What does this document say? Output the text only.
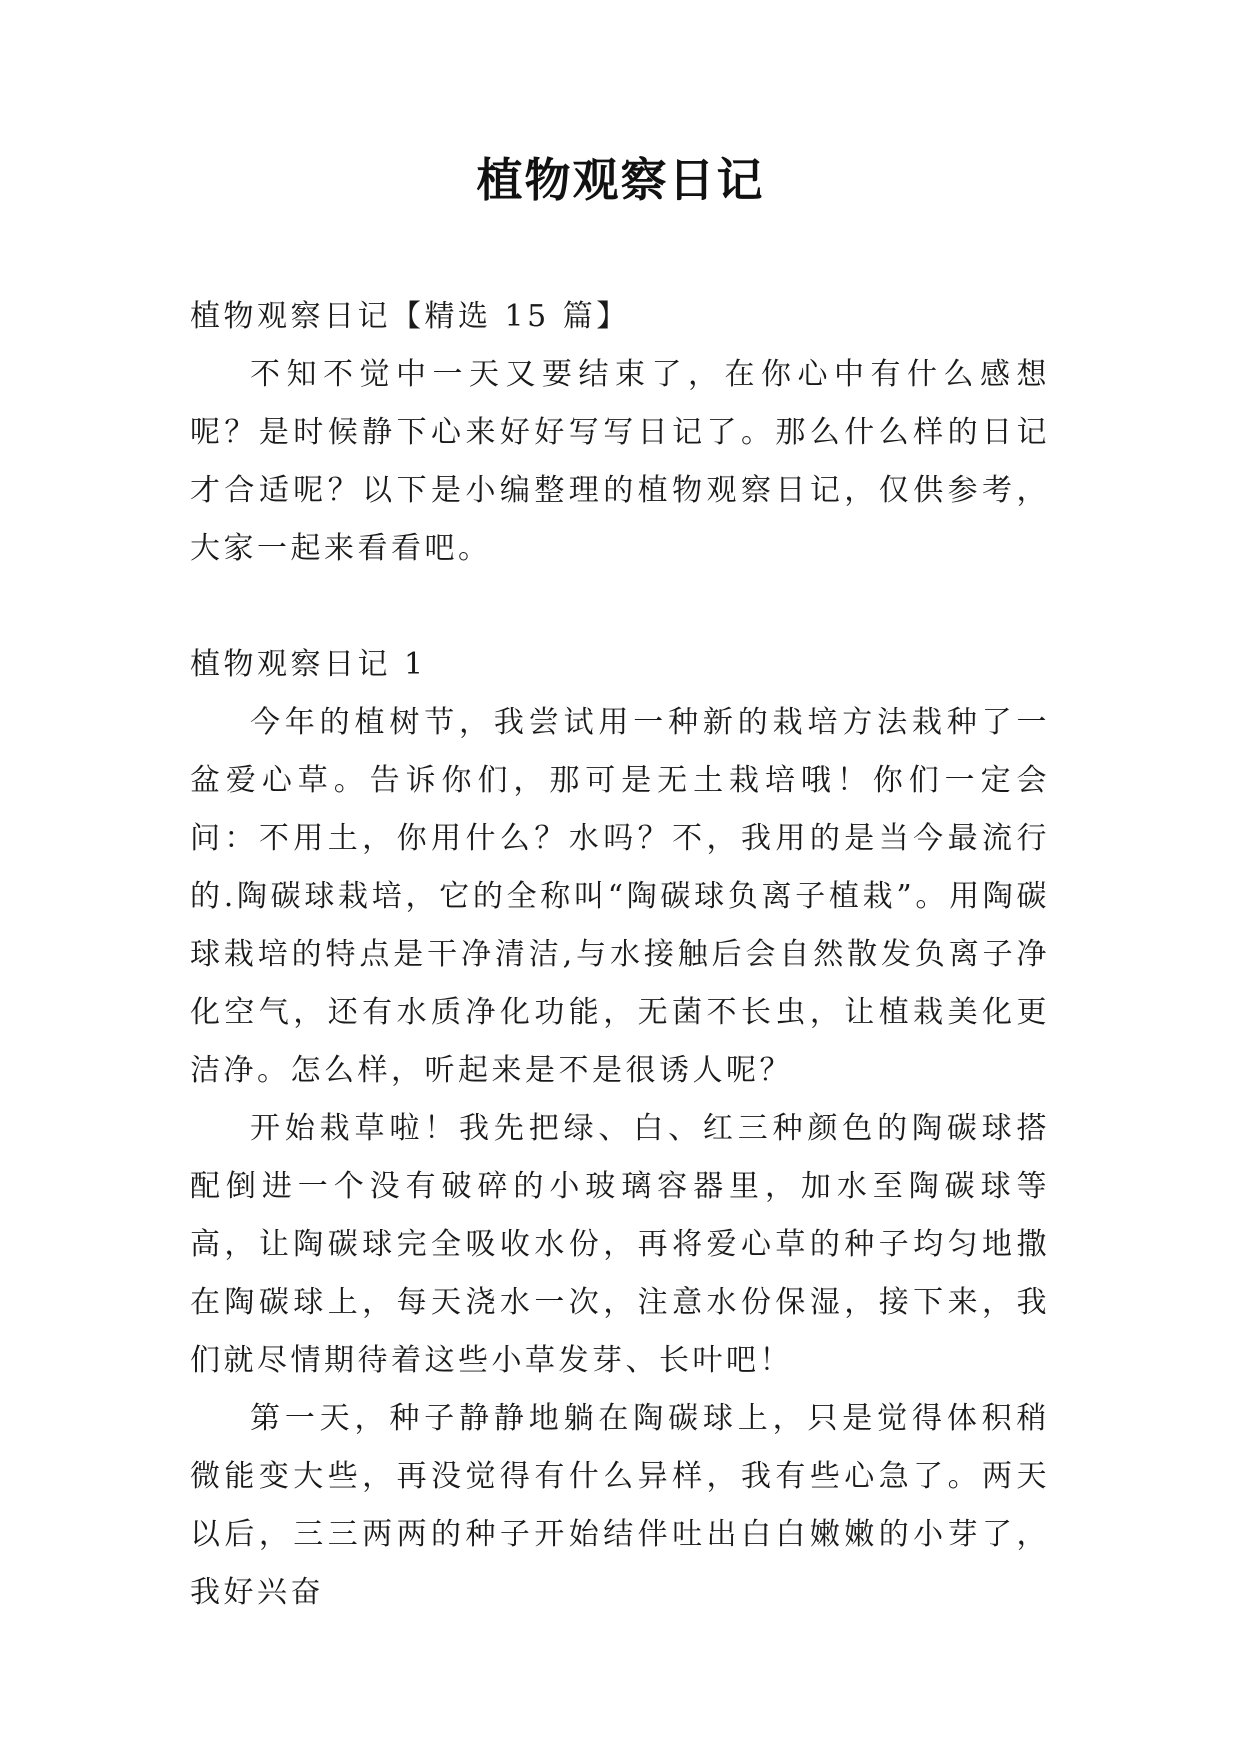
植物观察日记

植物观察日记【精选 15 篇】

不知不觉中一天又要结束了，在你心中有什么感想呢？是时候静下心来好好写写日记了。那么什么样的日记才合适呢？以下是小编整理的植物观察日记，仅供参考，大家一起来看看吧。

植物观察日记 1

今年的植树节，我尝试用一种新的栽培方法栽种了一盆爱心草。告诉你们，那可是无土栽培哦！你们一定会问：不用土，你用什么？水吗？不，我用的是当今最流行的.陶碳球栽培，它的全称叫“陶碳球负离子植栽”。用陶碳球栽培的特点是干净清洁,与水接触后会自然散发负离子净化空气，还有水质净化功能，无菌不长虫，让植栽美化更洁净。怎么样，听起来是不是很诱人呢？

开始栽草啦！我先把绿、白、红三种颜色的陶碳球搭配倒进一个没有破碎的小玻璃容器里，加水至陶碳球等高，让陶碳球完全吸收水份，再将爱心草的种子均匀地撒在陶碳球上，每天浇水一次，注意水份保湿，接下来，我们就尽情期待着这些小草发芽、长叶吧！

第一天，种子静静地躺在陶碳球上，只是觉得体积稍微能变大些，再没觉得有什么异样，我有些心急了。两天以后，三三两两的种子开始结伴吐出白白嫩嫩的小芽了，我好兴奋
